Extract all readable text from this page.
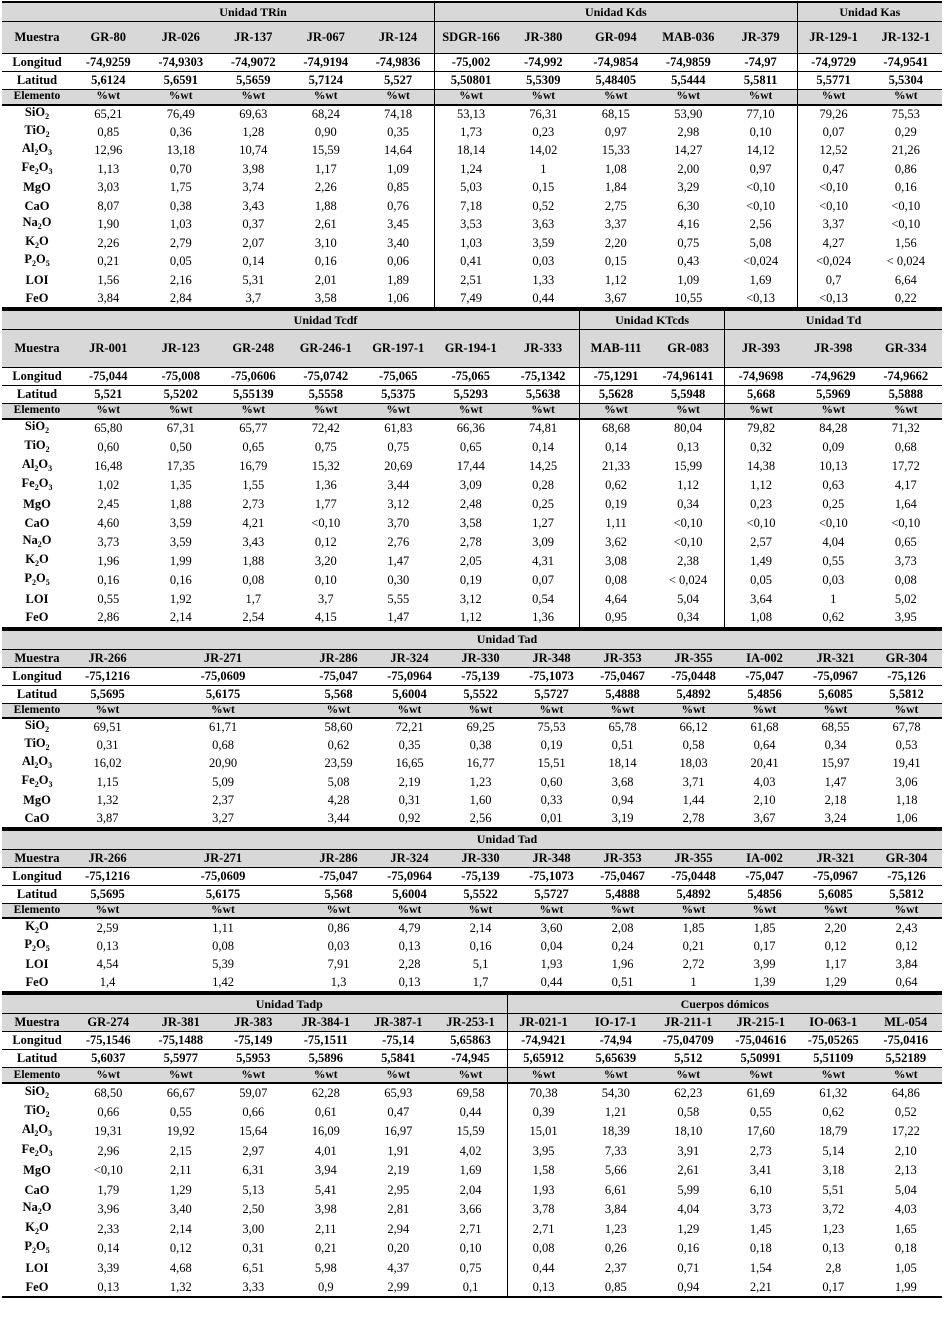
	Unidad TRin					Unidad Kds					Unidad Kas	
Muestra	GR-80	JR-026	JR-137	JR-067	JR-124	SDGR-166	JR-380	GR-094	MAB-036	JR-379	JR-129-1	JR-132-1
Longitud	-74,9259	-74,9303	-74,9072	-74,9194	-74,9836	-75,002	-74,992	-74,9854	-74,9859	-74,97	-74,9729	-74,9541
Latitud	5,6124	5,6591	5,5659	5,7124	5,527	5,50801	5,5309	5,48405	5,5444	5,5811	5,5771	5,5304
Elemento	%wt	%wt	%wt	%wt	%wt	%wt	%wt	%wt	%wt	%wt	%wt	%wt
SiO$_2$	65,21	76,49	69,63	68,24	74,18	53,13	76,31	68,15	53,90	77,10	79,26	75,53
TiO$_2$	0,85	0,36	1,28	0,90	0,35	1,73	0,23	0,97	2,98	0,10	0,07	0,29
$Al_2O_3$	12,96	13,18	10,74	15,59	14,64	18,14	14,02	15,33	14,27	14,12	12,52	21,26
$Fe_2O_3$	1,13	0,70	3,98	1,17	1,09	1,24	1	1,08	2,00	0,97	0,47	0,86
MgO	3,03	1,75	3,74	2,26	0,85	5,03	0,15	1,84	3,29	<0,10	<0,10	0,16
CaO	8,07	0,38	3,43	1,88	0,76	7,18	0,52	2,75	6,30	<0,10	<0,10	<0,10
$Na_2O$	1,90	1,03	0,37	2,61	3,45	3,53	3,63	3,37	4,16	2,56	3,37	<0,10
$K_2O$	2,26	2,79	2,07	3,10	3,40	1,03	3,59	2,20	0,75	5,08	4,27	1,56
$P_2O_5$	0,21	0,05	0,14	0,16	0,06	0,41	0,03	0,15	0,43	<0,024	<0,024	< 0,024
LOI	1,56	2,16	5,31	2,01	1,89	2,51	1,33	1,12	1,09	1,69	0,7	6,64
FeO	3,84	2,84	3,7	3,58	1,06	7,49	0,44	3,67	10,55	<0,13	<0,13	0,22
	Unidad Tcdf							Unidad KTcds		Unidad Td		
Muestra	JR-001	JR-123	GR-248	GR-246-1	GR-197-1	GR-194-1	JR-333	MAB-111	GR-083	JR-393	JR-398	GR-334
Longitud	-75,044	-75,008	-75,0606	-75,0742	-75,065	-75,065	-75,1342	-75,1291	-74,96141	-74,9698	-74,9629	-74,9662
Latitud	5,521	5,5202	5,55139	5,5558	5,5375	5,5293	5,5638	5,5628	5,5948	5,668	5,5969	5,5888
Elemento	%wt	%wt	%wt	%wt	%wt	%wt	%wt	%wt	%wt	%wt	%wt	%wt
SiO$_2$	65,80	67,31	65,77	72,42	61,83	66,36	74,81	68,68	80,04	79,82	84,28	71,32
TiO$_2$	0,60	0,50	0,65	0,75	0,75	0,65	0,14	0,14	0,13	0,32	0,09	0,68
$Al_2O_3$	16,48	17,35	16,79	15,32	20,69	17,44	14,25	21,33	15,99	14,38	10,13	17,72
$Fe_2O_3$	1,02	1,35	1,55	1,36	3,44	3,09	0,28	0,62	1,12	1,12	0,63	4,17
MgO	2,45	1,88	2,73	1,77	3,12	2,48	0,25	0,19	0,34	0,23	0,25	1,64
CaO	4,60	3,59	4,21	<0,10	3,70	3,58	1,27	1,11	<0,10	<0,10	<0,10	<0,10
$Na_2O$	3,73	3,59	3,43	0,12	2,76	2,78	3,09	3,62	<0,10	2,57	4,04	0,65
$K_2O$	1,96	1,99	1,88	3,20	1,47	2,05	4,31	3,08	2,38	1,49	0,55	3,73
$P_2O_5$	0,16	0,16	0,08	0,10	0,30	0,19	0,07	0,08	< 0,024	0,05	0,03	0,08
LOI	0,55	1,92	1,7	3,7	5,55	3,12	0,54	4,64	5,04	3,64	1	5,02
FeO	2,86	2,14	2,54	4,15	1,47	1,12	1,36	0,95	0,34	1,08	0,62	3,95
	Unidad Tad										
Muestra	JR-266	JR-271	JR-286	JR-324	JR-330	JR-348	JR-353	JR-355	IA-002	JR-321	GR-304
Longitud	-75,1216	-75,0609	-75,047	-75,0964	-75,139	-75,1073	-75,0467	-75,0448	-75,047	-75,0967	-75,126
Latitud	5,5695	5,6175	5,568	5,6004	5,5522	5,5727	5,4888	5,4892	5,4856	5,6085	5,5812
Elemento	%wt	%wt	%wt	%wt	%wt	%wt	%wt	%wt	%wt	%wt	%wt
SiO$_2$	69,51	61,71	58,60	72,21	69,25	75,53	65,78	66,12	61,68	68,55	67,78
TiO$_2$	0,31	0,68	0,62	0,35	0,38	0,19	0,51	0,58	0,64	0,34	0,53
$Al_2O_3$	16,02	20,90	23,59	16,65	16,77	15,51	18,14	18,03	20,41	15,97	19,41
$Fe_2O_3$	1,15	5,09	5,08	2,19	1,23	0,60	3,68	3,71	4,03	1,47	3,06
MgO	1,32	2,37	4,28	0,31	1,60	0,33	0,94	1,44	2,10	2,18	1,18
CaO	3,87	3,27	3,44	0,92	2,56	0,01	3,19	2,78	3,67	3,24	1,06
	Unidad Tad										
Muestra	JR-266	JR-271	JR-286	JR-324	JR-330	JR-348	JR-353	JR-355	IA-002	JR-321	GR-304
Longitud	-75,1216	-75,0609	-75,047	-75,0964	-75,139	-75,1073	-75,0467	-75,0448	-75,047	-75,0967	-75,126
Latitud	5,5695	5,6175	5,568	5,6004	5,5522	5,5727	5,4888	5,4892	5,4856	5,6085	5,5812
Elemento	%wt	%wt	%wt	%wt	%wt	%wt	%wt	%wt	%wt	%wt	%wt
$K_2O$	2,59	1,11	0,86	4,79	2,14	3,60	2,08	1,85	1,85	2,20	2,43
$P_2O_5$	0,13	0,08	0,03	0,13	0,16	0,04	0,24	0,21	0,17	0,12	0,12
LOI	4,54	5,39	7,91	2,28	5,1	1,93	1,96	2,72	3,99	1,17	3,84
FeO	1,4	1,42	1,3	0,13	1,7	0,44	0,51	1	1,39	1,29	0,64
	Unidad Tadp						Cuerpos dómicos					
Muestra	GR-274	JR-381	JR-383	JR-384-1	JR-387-1	JR-253-1	JR-021-1	IO-17-1	JR-211-1	JR-215-1	IO-063-1	ML-054
Longitud	-75,1546	-75,1488	-75,149	-75,1511	-75,14	5,65863	-74,9421	-74,94	-75,04709	-75,04616	-75,05265	-75,0416
Latitud	5,6037	5,5977	5,5953	5,5896	5,5841	-74,945	5,65912	5,65639	5,512	5,50991	5,51109	5,52189
Elemento	%wt	%wt	%wt	%wt	%wt	%wt	%wt	%wt	%wt	%wt	%wt	%wt
SiO$_2$	68,50	66,67	59,07	62,28	65,93	69,58	70,38	54,30	62,23	61,69	61,32	64,86
TiO$_2$	0,66	0,55	0,66	0,61	0,47	0,44	0,39	1,21	0,58	0,55	0,62	0,52
$Al_2O_3$	19,31	19,92	15,64	16,09	16,97	15,59	15,01	18,39	18,10	17,60	18,79	17,22
$Fe_2O_3$	2,96	2,15	2,97	4,01	1,91	4,02	3,95	7,33	3,91	2,73	5,14	2,10
MgO	<0,10	2,11	6,31	3,94	2,19	1,69	1,58	5,66	2,61	3,41	3,18	2,13
CaO	1,79	1,29	5,13	5,41	2,95	2,04	1,93	6,61	5,99	6,10	5,51	5,04
$Na_2O$	3,96	3,40	2,50	3,98	2,81	3,66	3,78	3,84	4,04	3,73	3,72	4,03
$K_2O$	2,33	2,14	3,00	2,11	2,94	2,71	2,71	1,23	1,29	1,45	1,23	1,65
$P_2O_5$	0,14	0,12	0,31	0,21	0,20	0,10	0,08	0,26	0,16	0,18	0,13	0,18
LOI	3,39	4,68	6,51	5,98	4,37	0,75	0,44	2,37	0,71	1,54	2,8	1,05
FeO	0,13	1,32	3,33	0,9	2,99	0,1	0,13	0,85	0,94	2,21	0,17	1,99
